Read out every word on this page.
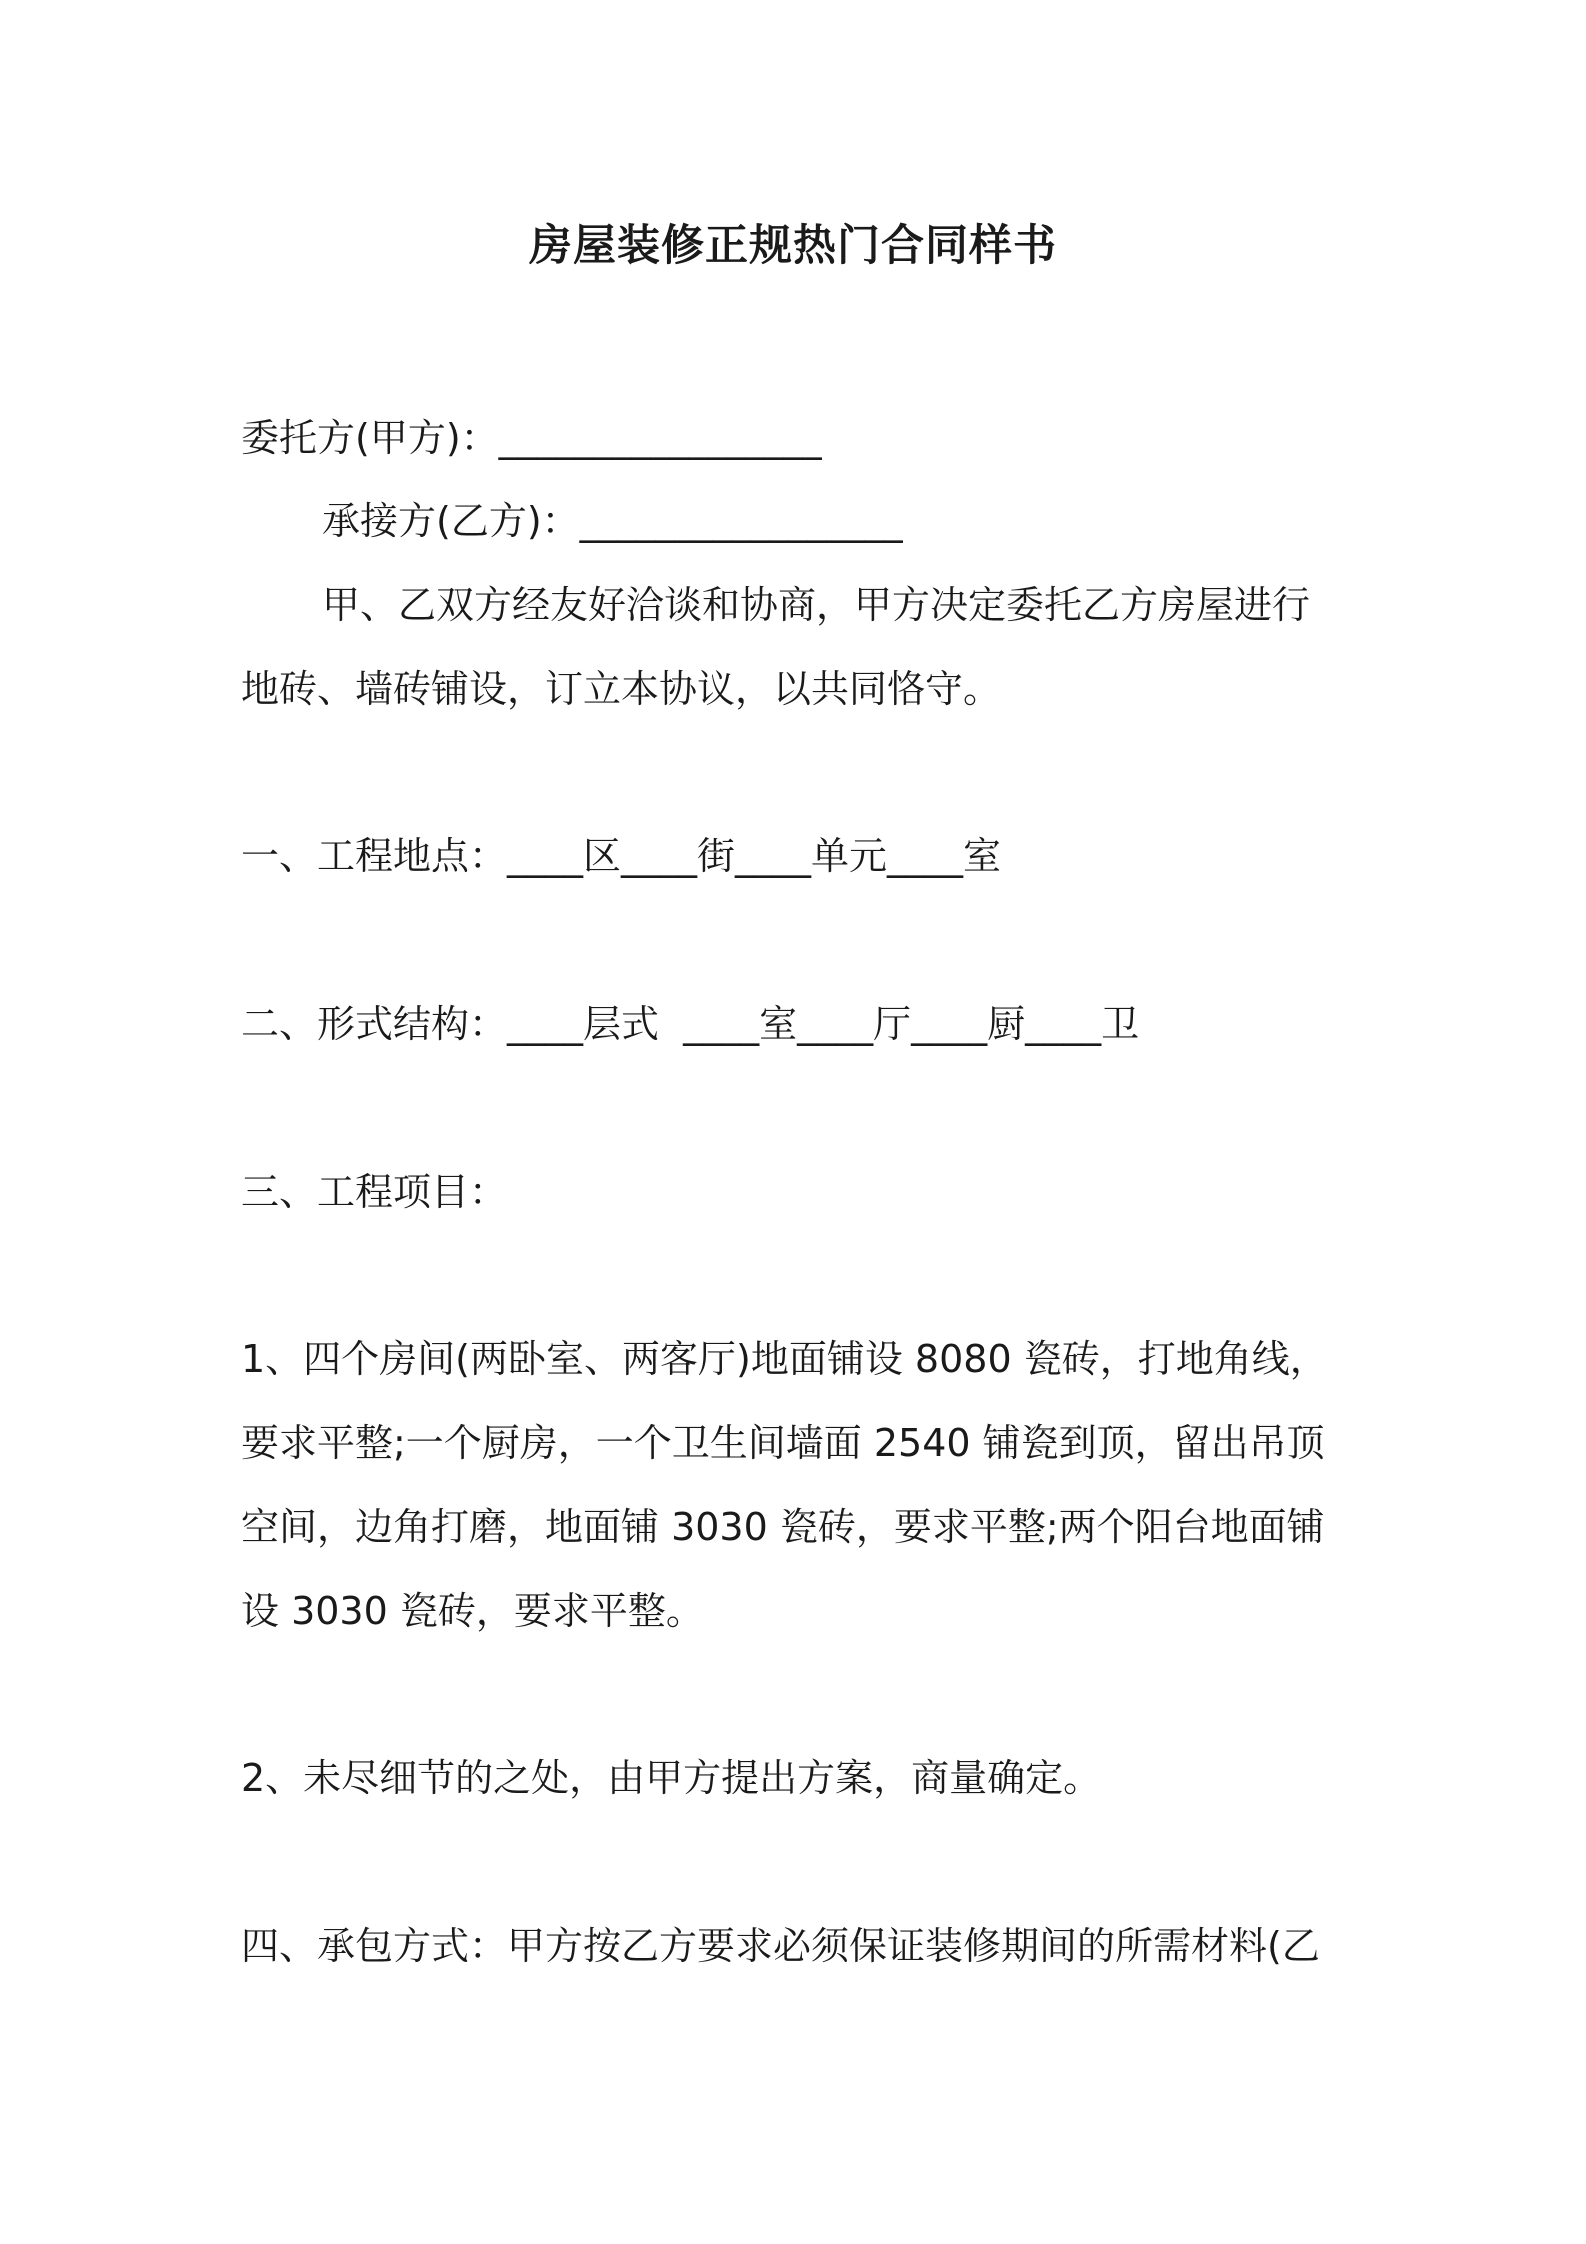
房屋装修正规热门合同样书

委托方(甲方)：_________________

承接方(乙方)：_________________

甲、乙双方经友好洽谈和协商，甲方决定委托乙方房屋进行
地砖、墙砖铺设，订立本协议，以共同恪守。

一、工程地点：____区____街____单元____室

二、形式结构：____层式  ____室____厅____厨____卫

三、工程项目：

1、四个房间(两卧室、两客厅)地面铺设 8080 瓷砖，打地角线，
要求平整;一个厨房，一个卫生间墙面 2540 铺瓷到顶，留出吊顶
空间，边角打磨，地面铺 3030 瓷砖，要求平整;两个阳台地面铺
设 3030 瓷砖，要求平整。

2、未尽细节的之处，由甲方提出方案，商量确定。

四、承包方式：甲方按乙方要求必须保证装修期间的所需材料(乙
